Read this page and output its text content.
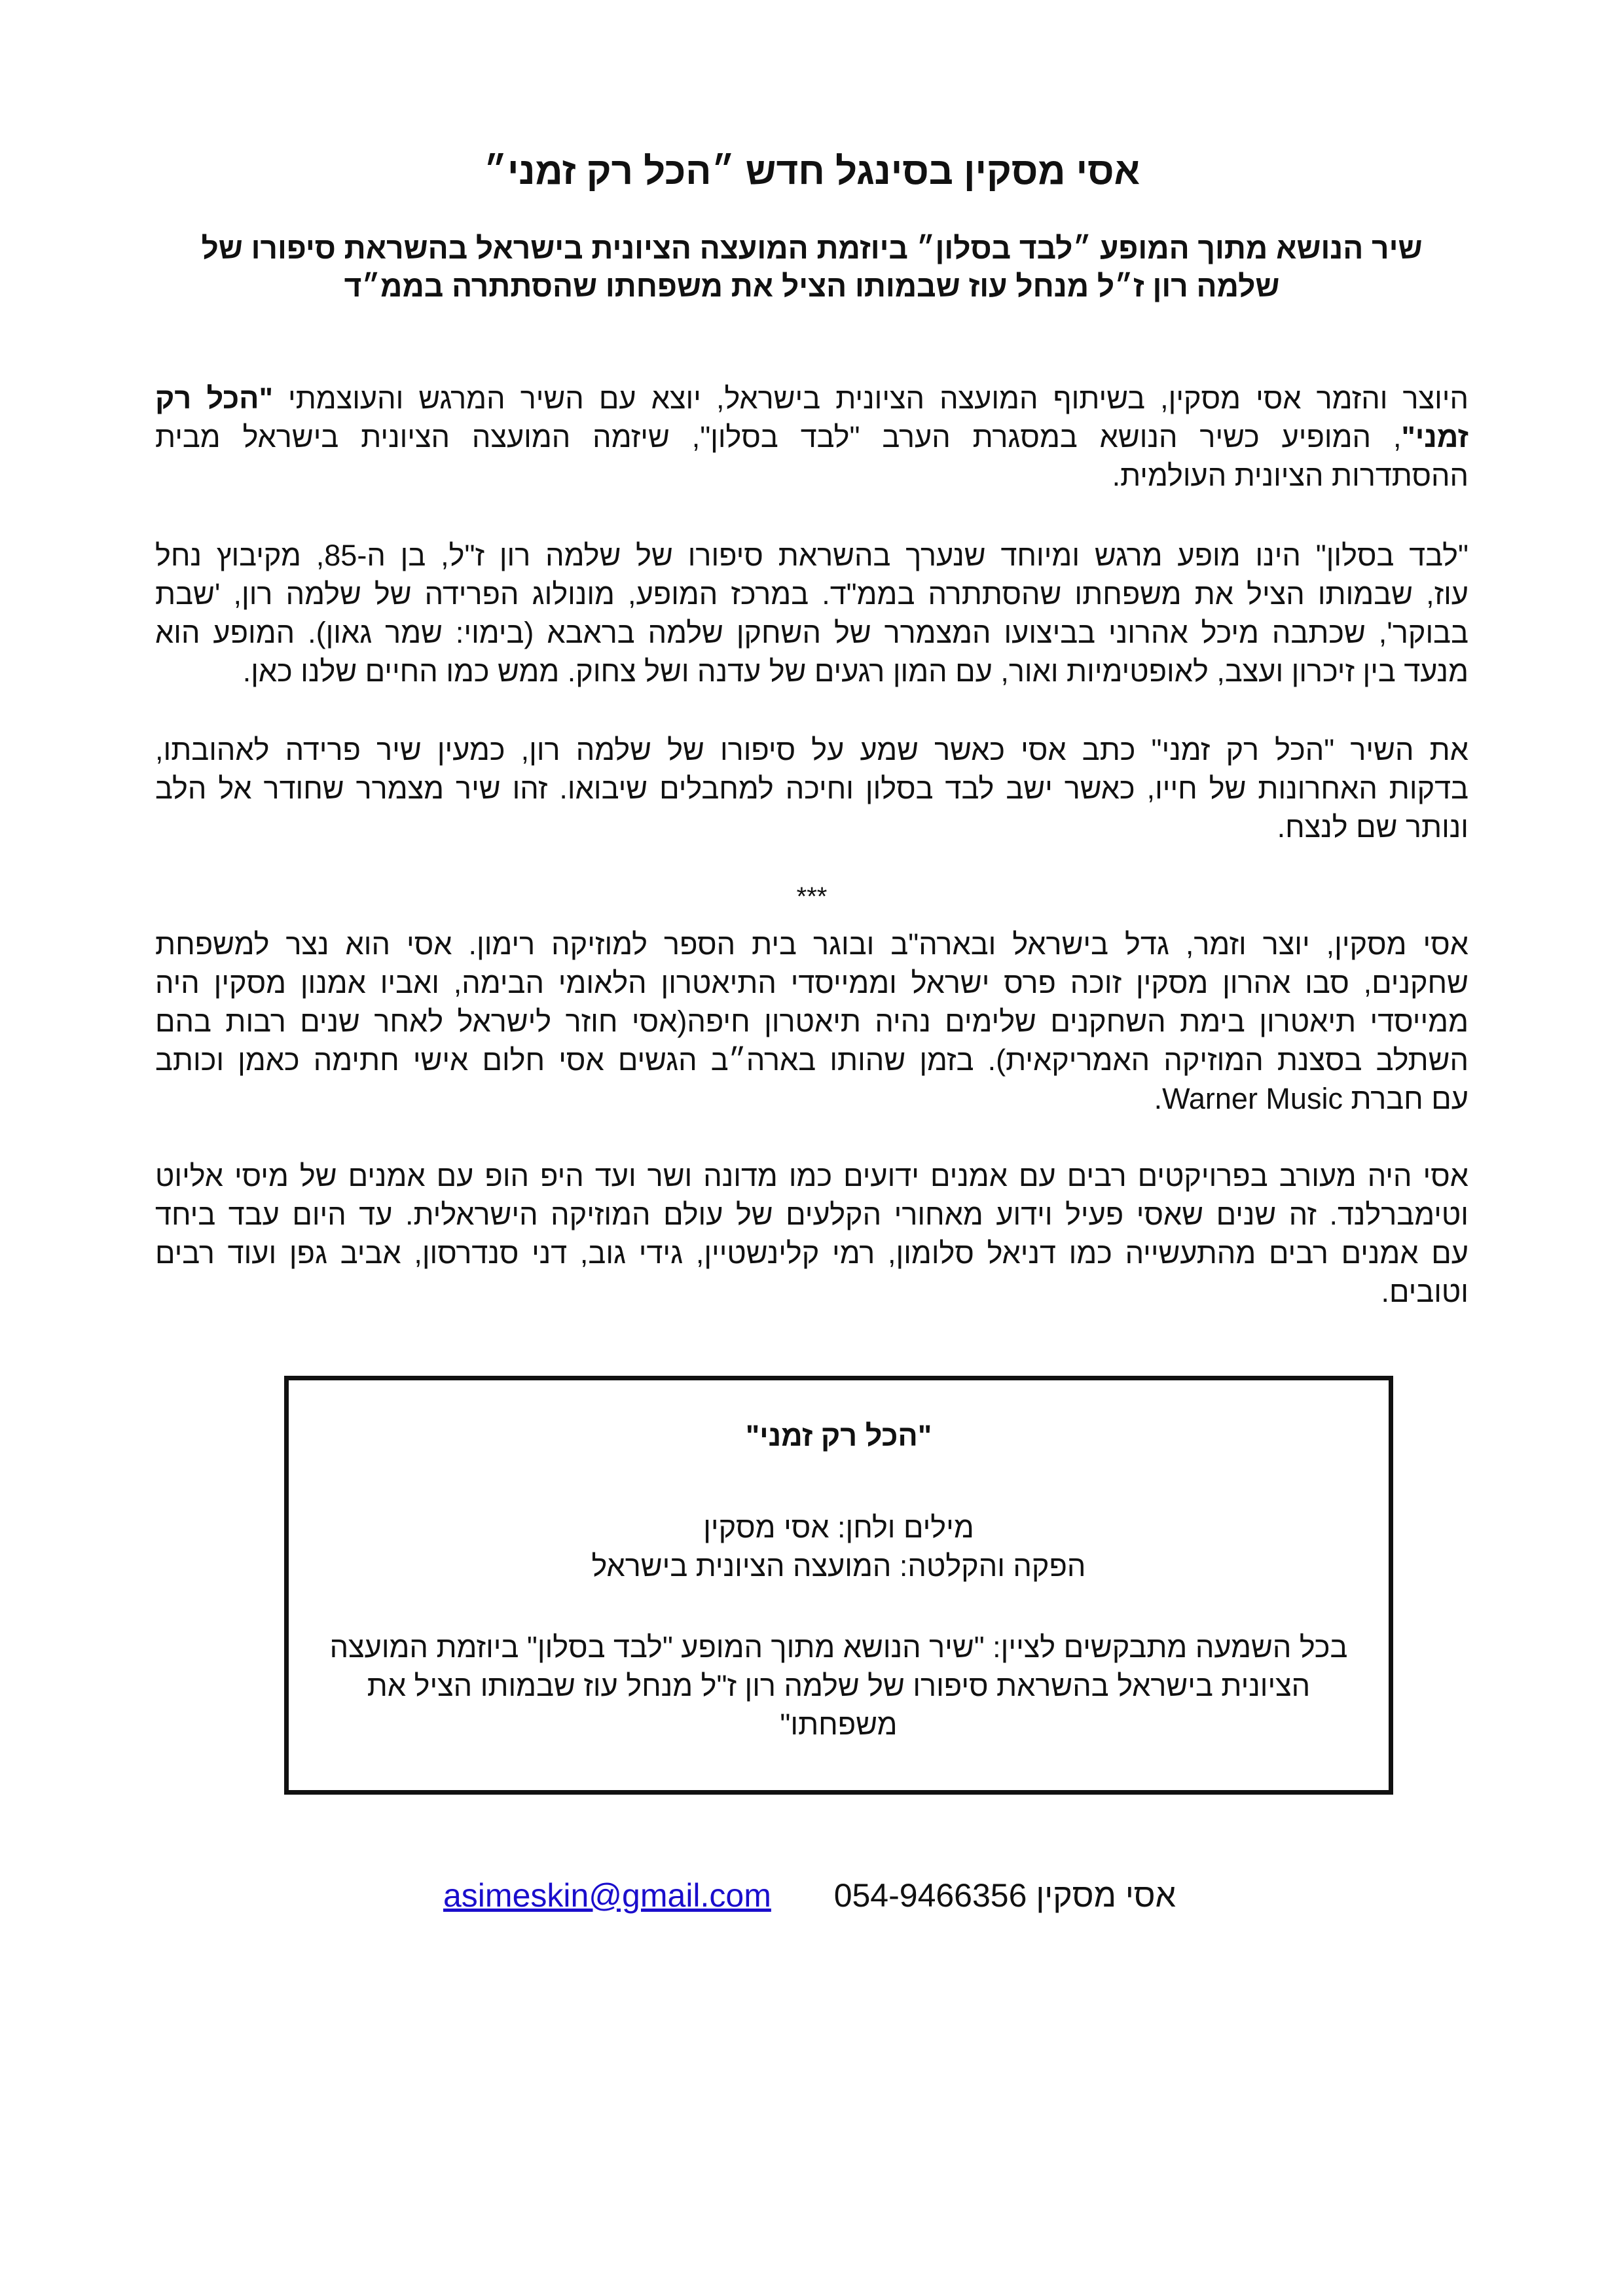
אסי מסקין בסינגל חדש ״הכל רק זמני״
שיר הנושא מתוך המופע ״לבד בסלון״ ביוזמת המועצה הציונית בישראל בהשראת סיפורו של
שלמה רון ז״ל מנחל עוז שבמותו הציל את משפחתו שהסתתרה בממ״ד
היוצר והזמר אסי מסקין, בשיתוף המועצה הציונית בישראל, יוצא עם השיר המרגש והעוצמתי "הכל רק
זמני", המופיע כשיר הנושא במסגרת הערב "לבד בסלון", שיזמה המועצה הציונית בישראל מבית
ההסתדרות הציונית העולמית.
"לבד בסלון" הינו מופע מרגש ומיוחד שנערך בהשראת סיפורו של שלמה רון ז"ל, בן ה-85, מקיבוץ נחל
עוז, שבמותו הציל את משפחתו שהסתתרה בממ"ד. במרכז המופע, מונולוג הפרידה של שלמה רון, 'שבת
בבוקר', שכתבה מיכל אהרוני בביצועו המצמרר של השחקן שלמה בראבא (בימוי: שמר גאון). המופע הוא
מנעד בין זיכרון ועצב, לאופטימיות ואור, עם המון רגעים של עדנה ושל צחוק. ממש כמו החיים שלנו כאן.
את השיר "הכל רק זמני" כתב אסי כאשר שמע על סיפורו של שלמה רון, כמעין שיר פרידה לאהובתו,
בדקות האחרונות של חייו, כאשר ישב לבד בסלון וחיכה למחבלים שיבואו. זהו שיר מצמרר שחודר אל הלב
ונותר שם לנצח.
***
אסי מסקין, יוצר וזמר, גדל בישראל ובארה"ב ובוגר בית הספר למוזיקה רימון. אסי הוא נצר למשפחת
שחקנים, סבו אהרון מסקין זוכה פרס ישראל וממייסדי התיאטרון הלאומי הבימה, ואביו אמנון מסקין היה
ממייסדי תיאטרון בימת השחקנים שלימים נהיה תיאטרון חיפה(אסי חוזר לישראל לאחר שנים רבות בהם
השתלב בסצנת המוזיקה האמריקאית). בזמן שהותו בארה״ב הגשים אסי חלום אישי חתימה כאמן וכותב
עם חברת Warner Music.
אסי היה מעורב בפרויקטים רבים עם אמנים ידועים כמו מדונה ושר ועד היפ הופ עם אמנים של מיסי אליוט
וטימברלנד. זה שנים שאסי פעיל וידוע מאחורי הקלעים של עולם המוזיקה הישראלית. עד היום עבד ביחד
עם אמנים רבים מהתעשייה כמו דניאל סלומון, רמי קלינשטיין, גידי גוב, דני סנדרסון, אביב גפן ועוד רבים
וטובים.
"הכל רק זמני"
מילים ולחן: אסי מסקין
הפקה והקלטה: המועצה הציונית בישראל
בכל השמעה מתבקשים לציין: "שיר הנושא מתוך המופע "לבד בסלון" ביוזמת המועצה
הציונית בישראל בהשראת סיפורו של שלמה רון ז"ל מנחל עוז שבמותו הציל את
משפחתו"
אסי מסקין 054-9466356
asimeskin@gmail.com
